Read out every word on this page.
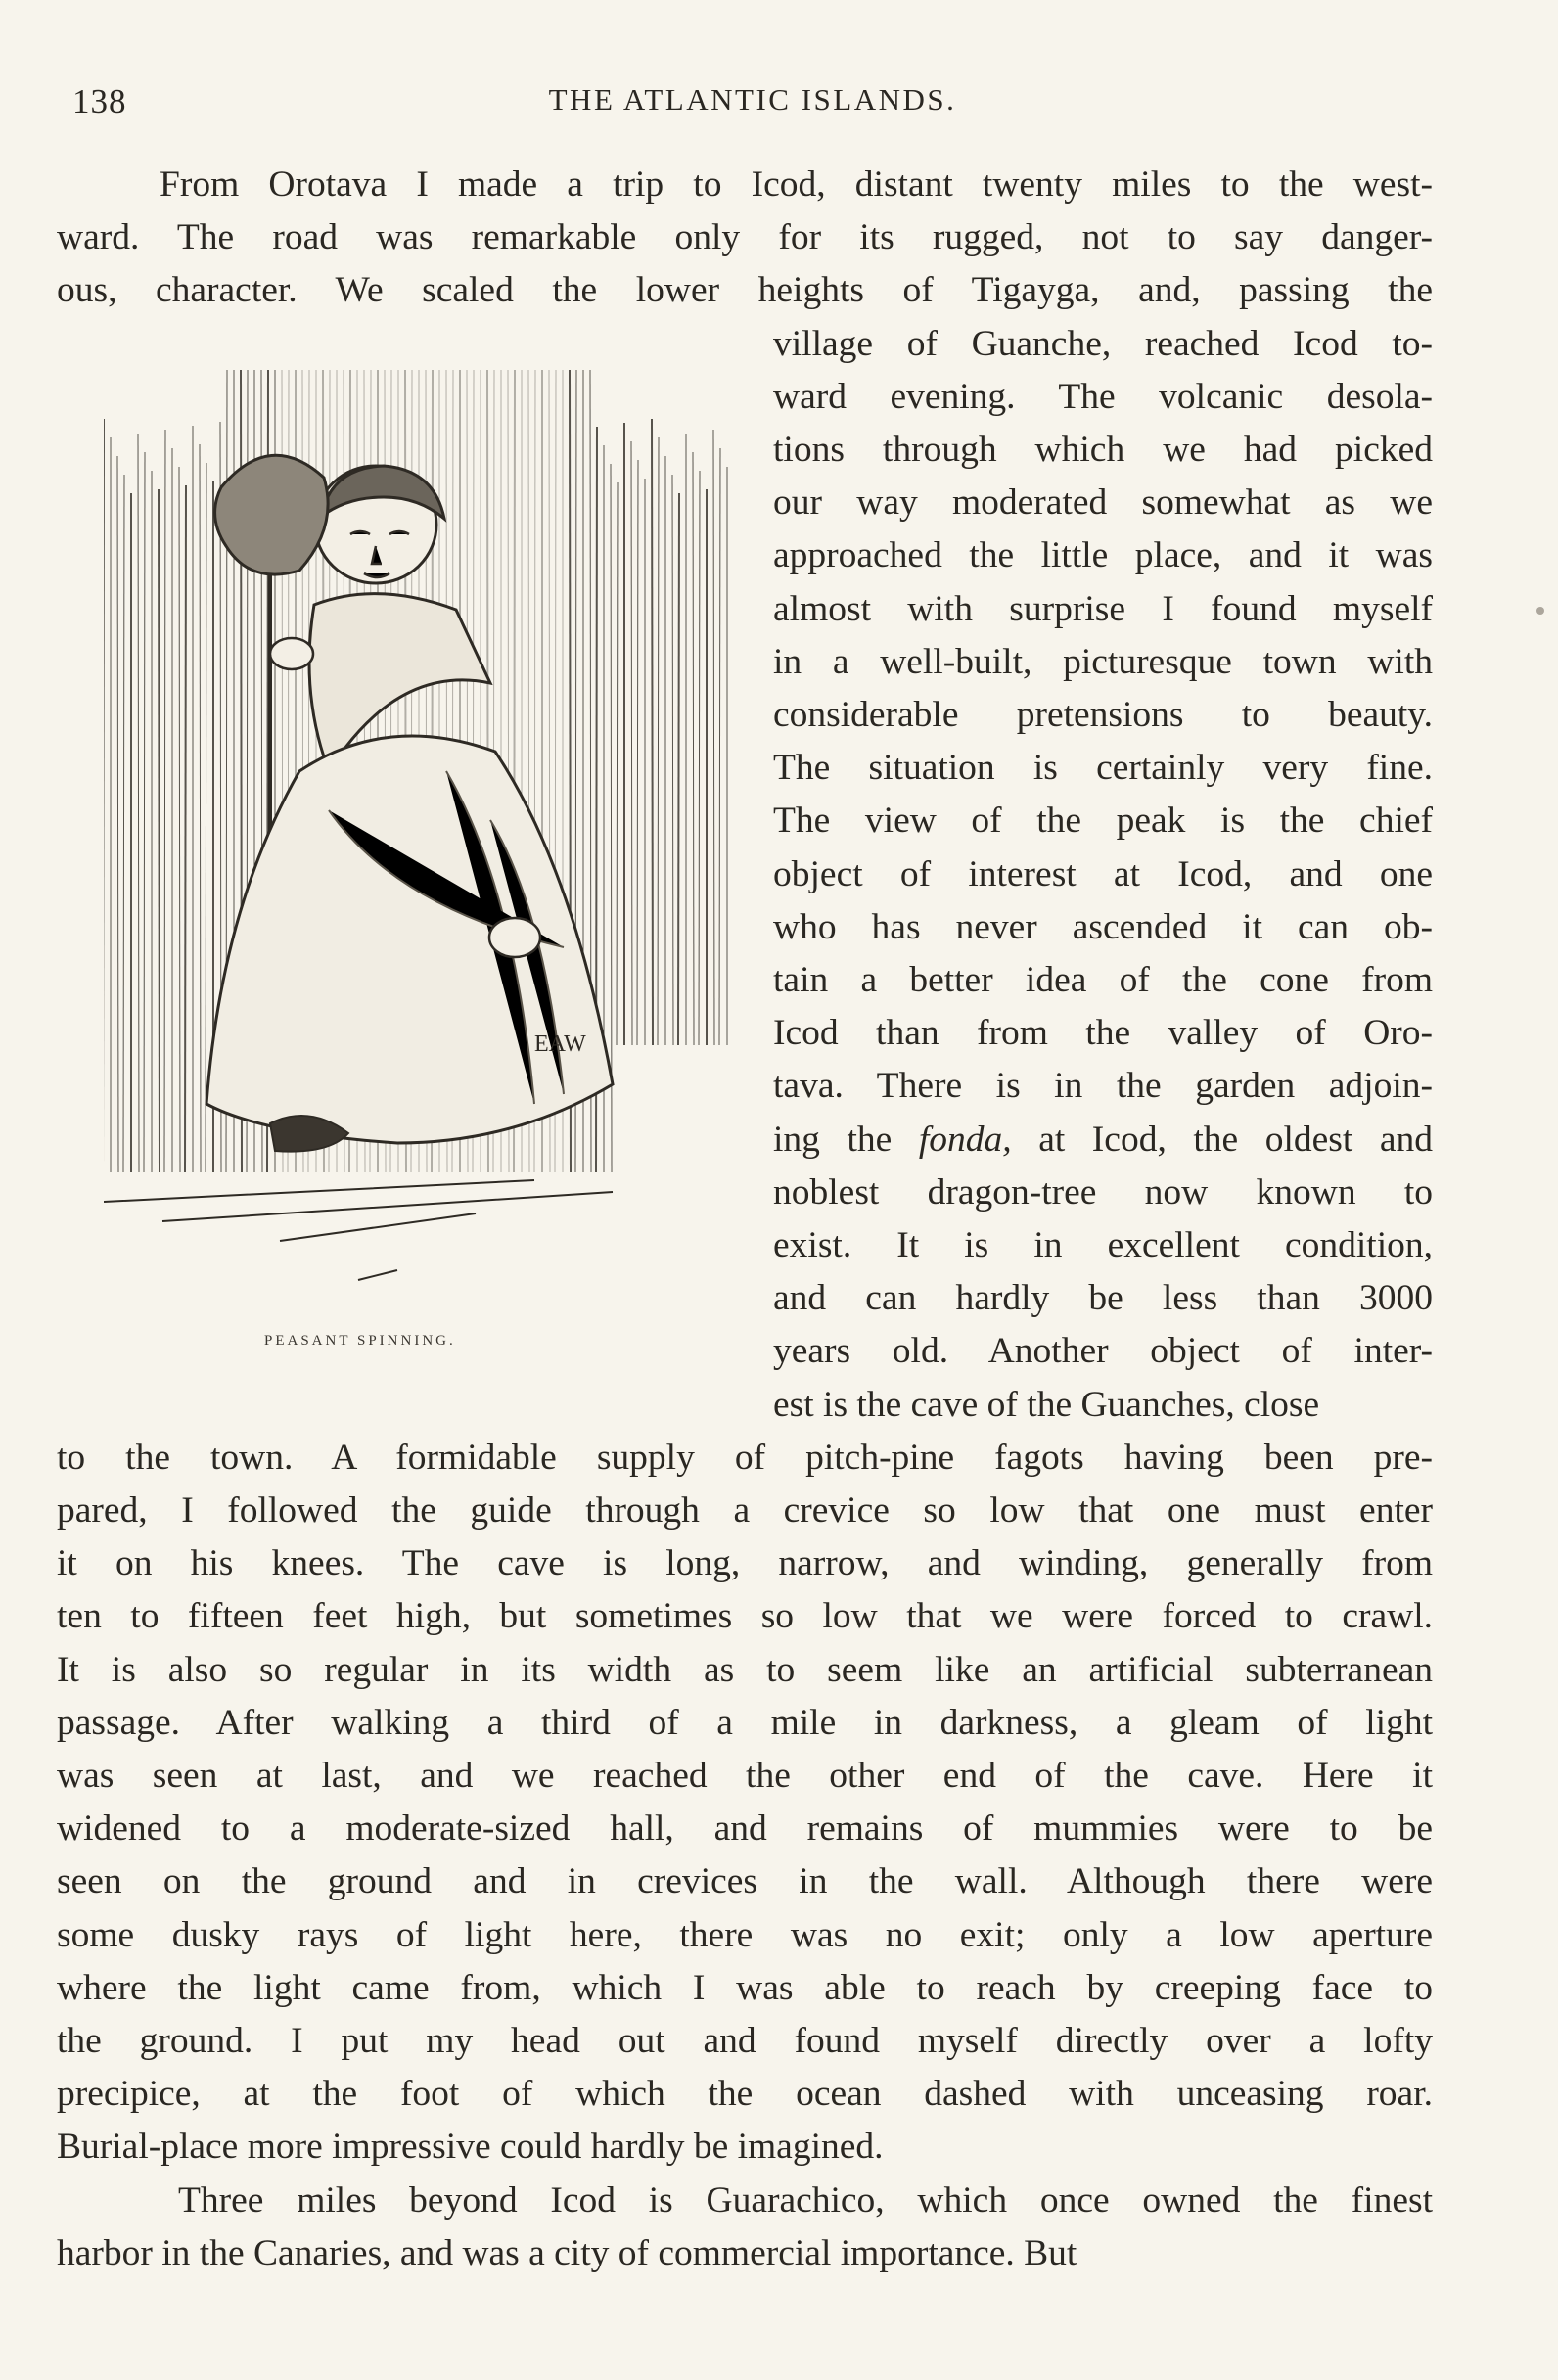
138	THE ATLANTIC ISLANDS.
From Orotava I made a trip to Icod, distant twenty miles to the west-
ward. The road was remarkable only for its rugged, not to say danger-
ous, character. We scaled the lower heights of Tigayga, and, passing the
village of Guanche, reached Icod to-
ward evening. The volcanic desola-
tions through which we had picked
our way moderated somewhat as we
approached the little place, and it was
almost with surprise I found myself
in a well-built, picturesque town with
considerable pretensions to beauty.
The situation is certainly very fine.
The view of the peak is the chief
object of interest at Icod, and one
who has never ascended it can ob-
tain a better idea of the cone from
Icod than from the valley of Oro-
tava. There is in the garden adjoin-
ing the fonda, at Icod, the oldest and
noblest dragon-tree now known to
exist. It is in excellent condition,
and can hardly be less than 3000
years old. Another object of inter-
est is the cave of the Guanches, close
to the town. A formidable supply of pitch-pine fagots having been pre-
pared, I followed the guide through a crevice so low that one must enter
it on his knees. The cave is long, narrow, and winding, generally from
ten to fifteen feet high, but sometimes so low that we were forced to crawl.
It is also so regular in its width as to seem like an artificial subterranean
passage. After walking a third of a mile in darkness, a gleam of light
was seen at last, and we reached the other end of the cave. Here it
widened to a moderate-sized hall, and remains of mummies were to be
seen on the ground and in crevices in the wall. Although there were
some dusky rays of light here, there was no exit; only a low aperture
where the light came from, which I was able to reach by creeping face to
the ground. I put my head out and found myself directly over a lofty
precipice, at the foot of which the ocean dashed with unceasing roar.
Burial-place more impressive could hardly be imagined.
Three miles beyond Icod is Guarachico, which once owned the finest
harbor in the Canaries, and was a city of commercial importance. But
EAW
PEASANT SPINNING.
